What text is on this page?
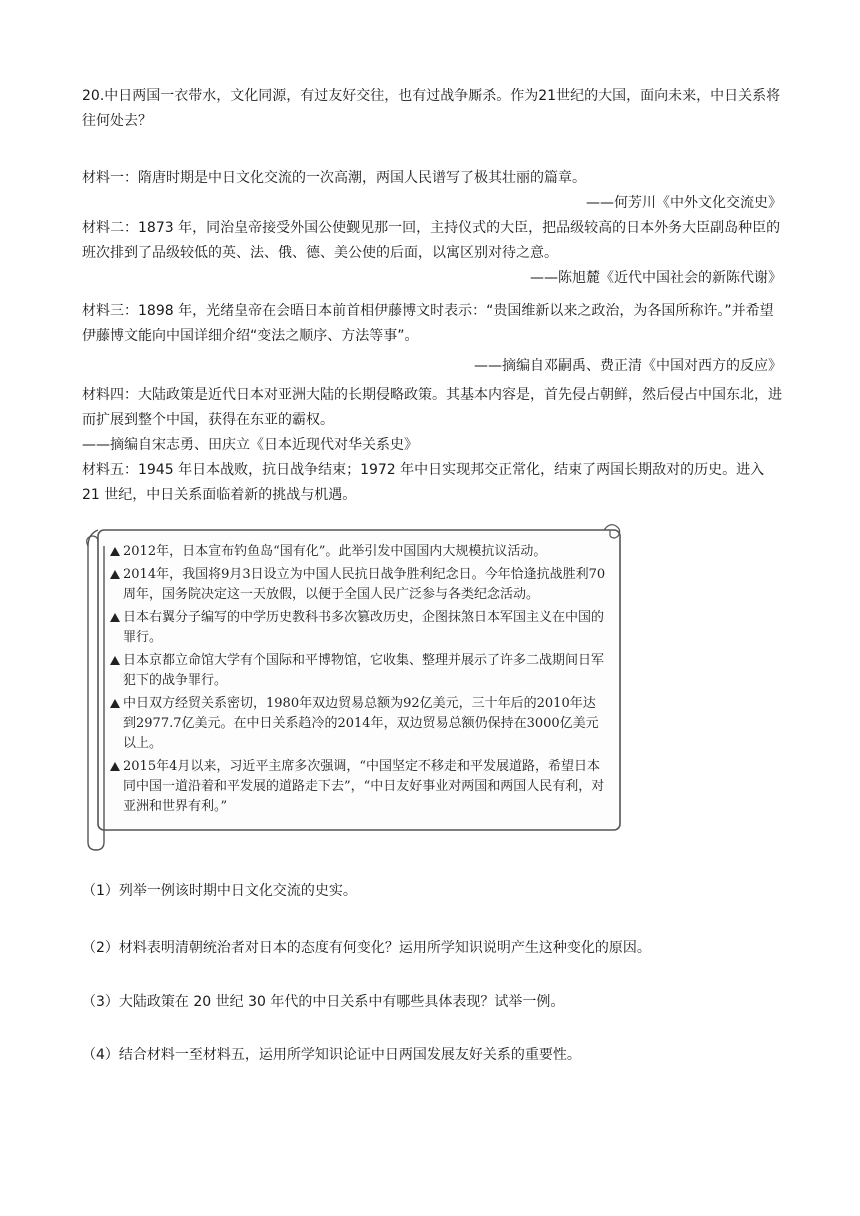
20.中日两国一衣带水，文化同源，有过友好交往，也有过战争厮杀。作为21世纪的大国，面向未来，中日关系将往何处去？

材料一：隋唐时期是中日文化交流的一次高潮，两国人民谱写了极其壮丽的篇章。

——何芳川《中外文化交流史》

材料二：1873 年，同治皇帝接受外国公使觐见那一回，主持仪式的大臣，把品级较高的日本外务大臣副岛种臣的班次排到了品级较低的英、法、俄、德、美公使的后面，以寓区别对待之意。

——陈旭麓《近代中国社会的新陈代谢》

材料三：1898 年，光绪皇帝在会晤日本前首相伊藤博文时表示：“贵国维新以来之政治，为各国所称许。”并希望伊藤博文能向中国详细介绍“变法之顺序、方法等事”。

——摘编自邓嗣禹、费正清《中国对西方的反应》

材料四：大陆政策是近代日本对亚洲大陆的长期侵略政策。其基本内容是，首先侵占朝鲜，然后侵占中国东北，进而扩展到整个中国，获得在东亚的霸权。

——摘编自宋志勇、田庆立《日本近现代对华关系史》

材料五：1945 年日本战败，抗日战争结束；1972 年中日实现邦交正常化，结束了两国长期敌对的历史。进入 21 世纪，中日关系面临着新的挑战与机遇。

2012年，日本宣布钓鱼岛“国有化”。此举引发中国国内大规模抗议活动。
2014年，我国将9月3日设立为中国人民抗日战争胜利纪念日。今年恰逢抗战胜利70周年，国务院决定这一天放假，以便于全国人民广泛参与各类纪念活动。
日本右翼分子编写的中学历史教科书多次篡改历史，企图抹煞日本军国主义在中国的罪行。
日本京都立命馆大学有个国际和平博物馆，它收集、整理并展示了许多二战期间日军犯下的战争罪行。
中日双方经贸关系密切，1980年双边贸易总额为92亿美元，三十年后的2010年达到2977.7亿美元。在中日关系趋冷的2014年，双边贸易总额仍保持在3000亿美元以上。
2015年4月以来，习近平主席多次强调，“中国坚定不移走和平发展道路，希望日本同中国一道沿着和平发展的道路走下去”，“中日友好事业对两国和两国人民有利，对亚洲和世界有利。”
（1）列举一例该时期中日文化交流的史实。
（2）材料表明清朝统治者对日本的态度有何变化？运用所学知识说明产生这种变化的原因。
（3）大陆政策在 20 世纪 30 年代的中日关系中有哪些具体表现？试举一例。
（4）结合材料一至材料五，运用所学知识论证中日两国发展友好关系的重要性。
